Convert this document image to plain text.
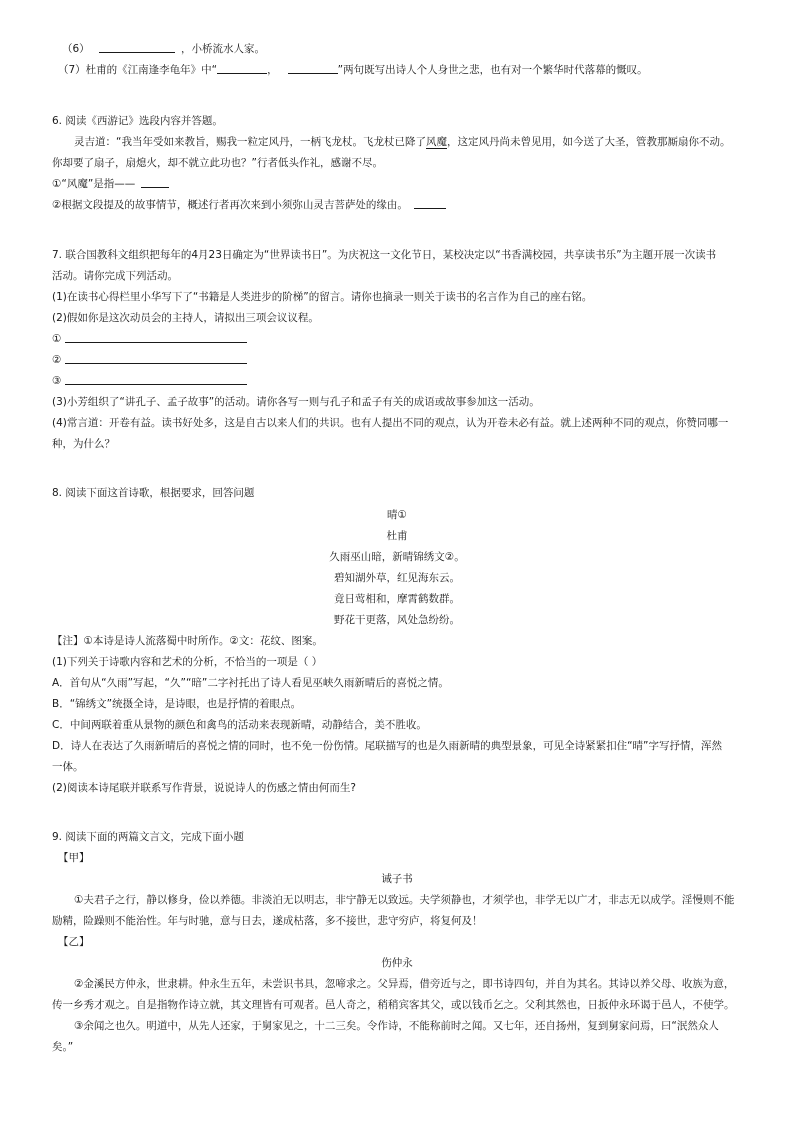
（6）	，小桥流水人家。
（7）杜甫的《江南逢李龟年》中“	，	”两句既写出诗人个人身世之悲，也有对一个繁华时代落幕的慨叹。
6. 阅读《西游记》选段内容并答题。
灵吉道：“我当年受如来教旨，赐我一粒定风丹，一柄飞龙杖。飞龙杖已降了风魔，这定风丹尚未曾见用，如今送了大圣，管教那厮扇你不动。
你却要了扇子，扇熄火，却不就立此功也？”行者低头作礼，感谢不尽。
①“风魔”是指——
②根据文段提及的故事情节，概述行者再次来到小须弥山灵吉菩萨处的缘由。
7. 联合国教科文组织把每年的4月23日确定为“世界读书日”。为庆祝这一文化节日，某校决定以“书香满校园，共享读书乐”为主题开展一次读书
活动。请你完成下列活动。
(1)在读书心得栏里小华写下了“书籍是人类进步的阶梯”的留言。请你也摘录一则关于读书的名言作为自己的座右铭。
(2)假如你是这次动员会的主持人，请拟出三项会议议程。
①
②
③
(3)小芳组织了“讲孔子、孟子故事”的活动。请你各写一则与孔子和孟子有关的成语或故事参加这一活动。
(4)常言道：开卷有益。读书好处多，这是自古以来人们的共识。也有人提出不同的观点，认为开卷未必有益。就上述两种不同的观点，你赞同哪一
种，为什么？
8. 阅读下面这首诗歌，根据要求，回答问题
晴①
杜甫
久雨巫山暗，新晴锦绣文②。
碧知湖外草，红见海东云。
竟日莺相和，摩霄鹤数群。
野花干更落，风处急纷纷。
【注】①本诗是诗人流落蜀中时所作。②文：花纹、图案。
(1)下列关于诗歌内容和艺术的分析，不恰当的一项是（ ）
A．首句从“久雨”写起，“久”“暗”二字衬托出了诗人看见巫峡久雨新晴后的喜悦之情。
B．“锦绣文”统摄全诗，是诗眼，也是抒情的着眼点。
C．中间两联着重从景物的颜色和禽鸟的活动来表现新晴，动静结合，美不胜收。
D．诗人在表达了久雨新晴后的喜悦之情的同时，也不免一份伤情。尾联描写的也是久雨新晴的典型景象，可见全诗紧紧扣住“晴”字写抒情，浑然
一体。
(2)阅读本诗尾联并联系写作背景，说说诗人的伤感之情由何而生?
9. 阅读下面的两篇文言文，完成下面小题
【甲】
诫子书
①夫君子之行，静以修身，俭以养德。非淡泊无以明志，非宁静无以致远。夫学须静也，才须学也，非学无以广才，非志无以成学。淫慢则不能
励精，险躁则不能治性。年与时驰，意与日去，遂成枯落，多不接世，悲守穷庐，将复何及！
【乙】
伤仲永
②金溪民方仲永，世隶耕。仲永生五年，未尝识书具，忽啼求之。父异焉，借旁近与之，即书诗四句，并自为其名。其诗以养父母、收族为意，
传一乡秀才观之。自是指物作诗立就，其文理皆有可观者。邑人奇之，稍稍宾客其父，或以钱币乞之。父利其然也，日扳仲永环谒于邑人，不使学。
③余闻之也久。明道中，从先人还家，于舅家见之，十二三矣。令作诗，不能称前时之闻。又七年，还自扬州，复到舅家问焉，曰“泯然众人
矣。”
